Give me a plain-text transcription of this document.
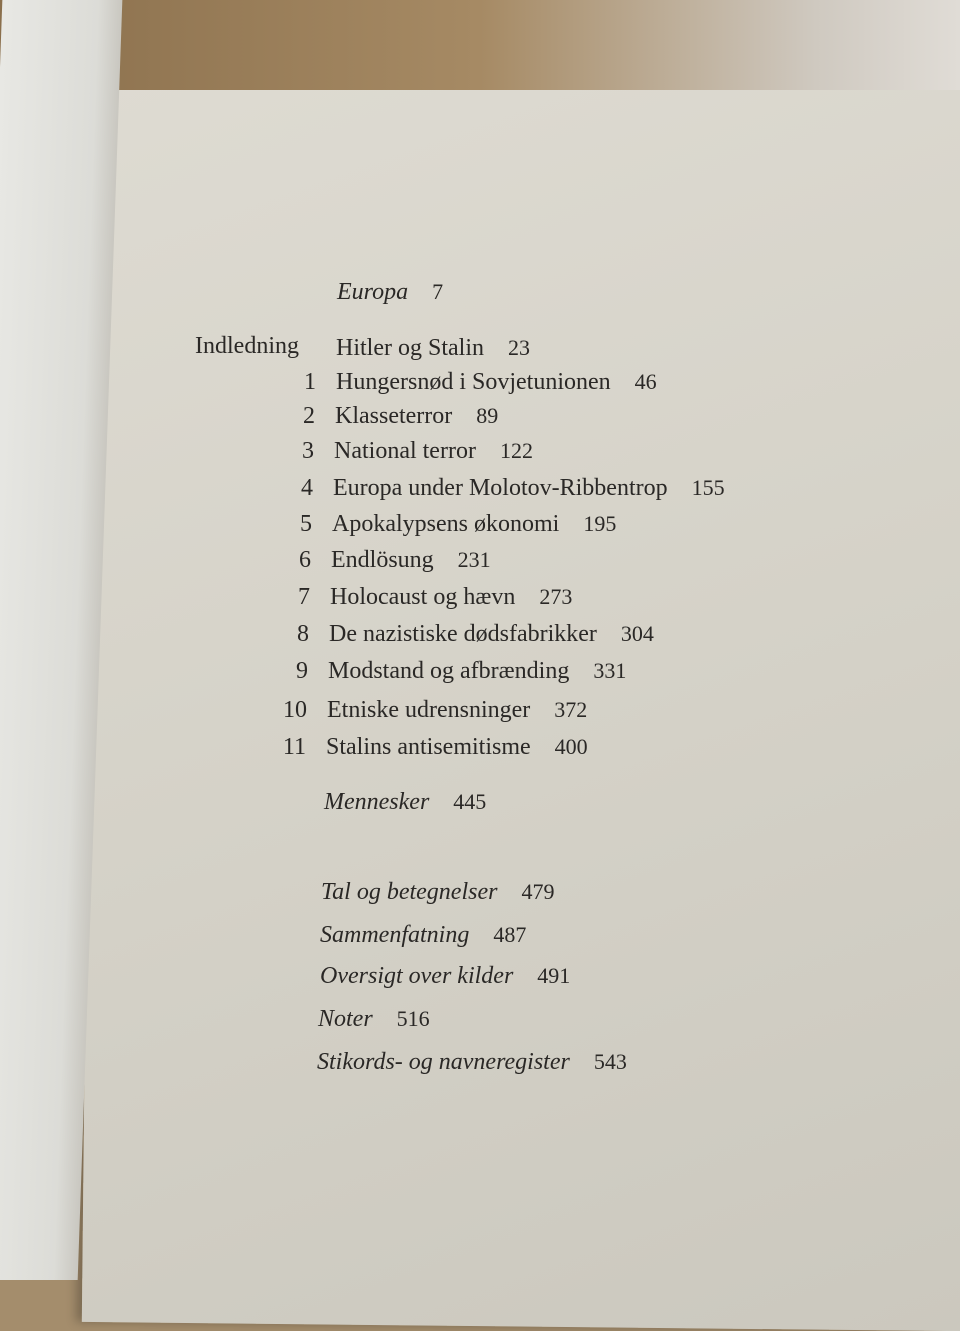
Europa 7
Indledning Hitler og Stalin 23
1 Hungersnød i Sovjetunionen 46
2 Klasseterror 89
3 National terror 122
4 Europa under Molotov-Ribbentrop 155
5 Apokalypsens økonomi 195
6 Endlösung 231
7 Holocaust og hævn 273
8 De nazistiske dødsfabrikker 304
9 Modstand og afbrænding 331
10 Etniske udrensninger 372
11 Stalins antisemitisme 400
Mennesker 445
Tal og betegnelser 479
Sammenfatning 487
Oversigt over kilder 491
Noter 516
Stikords- og navneregister 543
